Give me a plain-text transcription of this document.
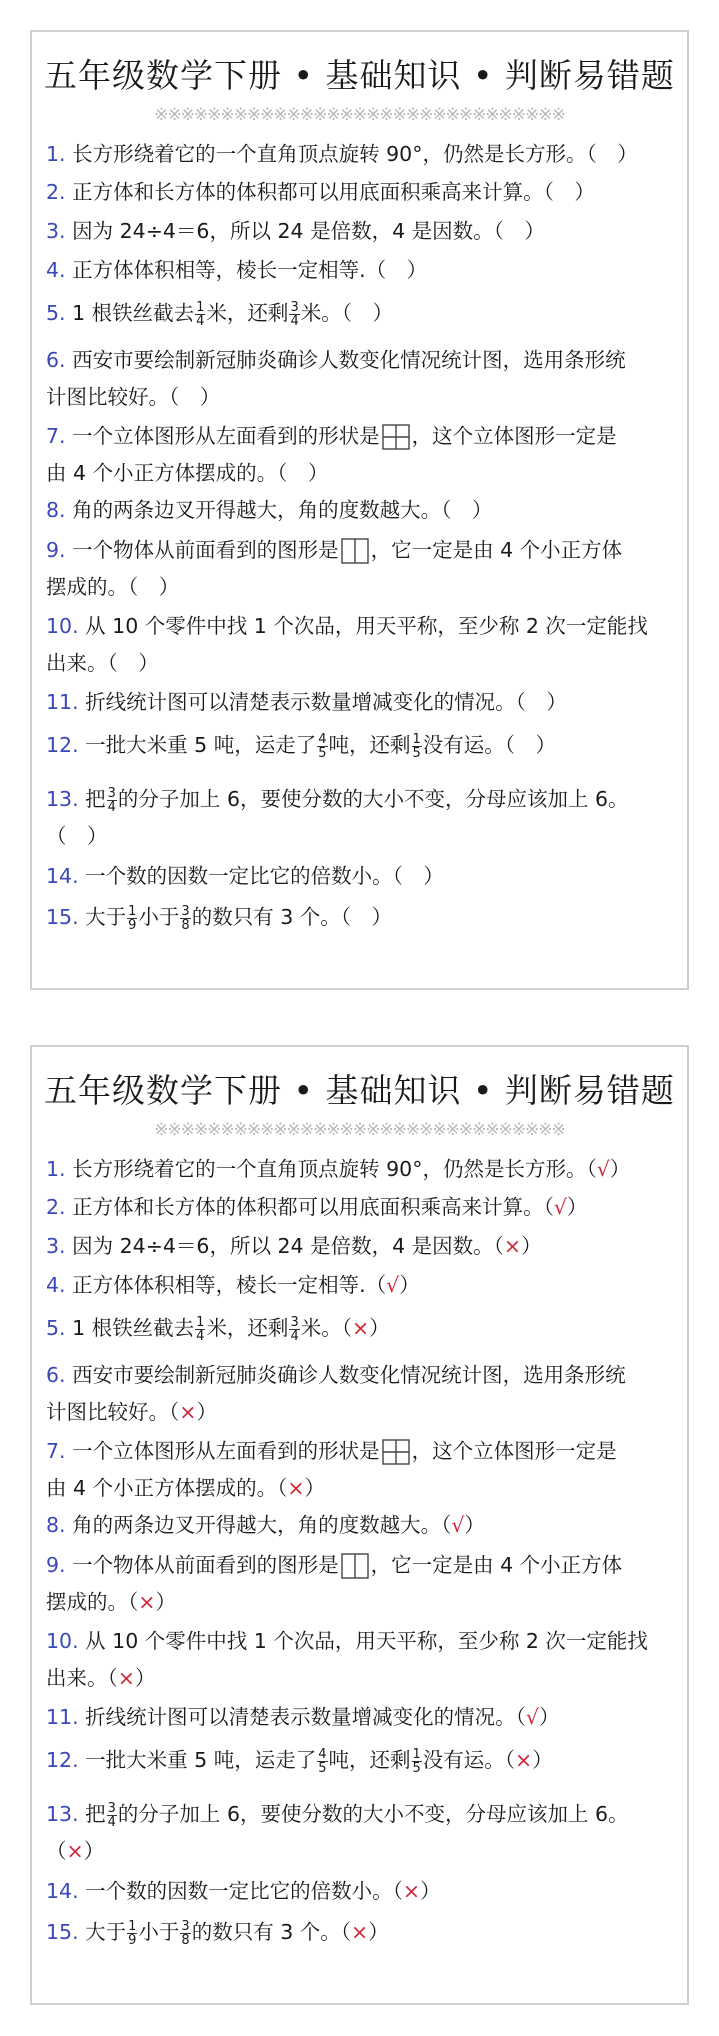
五年级数学下册 • 基础知识 • 判断易错题
※※※※※※※※※※※※※※※※※※※※※※※※※※※※※※※
1. 长方形绕着它的一个直角顶点旋转 90°，仍然是长方形。（　 ）
2. 正方体和长方体的体积都可以用底面积乘高来计算。（　 ）
3. 因为 24÷4＝6，所以 24 是倍数，4 是因数。（　 ）
4. 正方体体积相等，棱长一定相等.（　 ）
5. 1 根铁丝截去 $\frac{1}{4}$ 米，还剩 $\frac{3}{4}$ 米。（　 ）
6. 西安市要绘制新冠肺炎确诊人数变化情况统计图，选用条形统
计图比较好。（　 ）
7. 一个立体图形从左面看到的形状是 ，这个立体图形一定是
由 4 个小正方体摆成的。（　 ）
8. 角的两条边叉开得越大，角的度数越大。（　 ）
9. 一个物体从前面看到的图形是 ，它一定是由 4 个小正方体
摆成的。（　 ）
10. 从 10 个零件中找 1 个次品，用天平称，至少称 2 次一定能找
出来。（　 ）
11. 折线统计图可以清楚表示数量增减变化的情况。（　 ）
12. 一批大米重 5 吨，运走了 $\frac{4}{5}$ 吨，还剩 $\frac{1}{5}$ 没有运。（　 ）
13. 把 $\frac{3}{4}$ 的分子加上 6，要使分数的大小不变，分母应该加上 6。
（　 ）
14. 一个数的因数一定比它的倍数小。（　 ）
15. 大于 $\frac{1}{9}$ 小于 $\frac{3}{8}$ 的数只有 3 个。（　 ）
五年级数学下册 • 基础知识 • 判断易错题
※※※※※※※※※※※※※※※※※※※※※※※※※※※※※※※
1. 长方形绕着它的一个直角顶点旋转 90°，仍然是长方形。（√）
2. 正方体和长方体的体积都可以用底面积乘高来计算。（√）
3. 因为 24÷4＝6，所以 24 是倍数，4 是因数。（×）
4. 正方体体积相等，棱长一定相等.（√）
5. 1 根铁丝截去 $\frac{1}{4}$ 米，还剩 $\frac{3}{4}$ 米。（×）
6. 西安市要绘制新冠肺炎确诊人数变化情况统计图，选用条形统
计图比较好。（×）
7. 一个立体图形从左面看到的形状是 ，这个立体图形一定是
由 4 个小正方体摆成的。（×）
8. 角的两条边叉开得越大，角的度数越大。（√）
9. 一个物体从前面看到的图形是 ，它一定是由 4 个小正方体
摆成的。（×）
10. 从 10 个零件中找 1 个次品，用天平称，至少称 2 次一定能找
出来。（×）
11. 折线统计图可以清楚表示数量增减变化的情况。（√）
12. 一批大米重 5 吨，运走了 $\frac{4}{5}$ 吨，还剩 $\frac{1}{5}$ 没有运。（×）
13. 把 $\frac{3}{4}$ 的分子加上 6，要使分数的大小不变，分母应该加上 6。
（×）
14. 一个数的因数一定比它的倍数小。（×）
15. 大于 $\frac{1}{9}$ 小于 $\frac{3}{8}$ 的数只有 3 个。（×）
